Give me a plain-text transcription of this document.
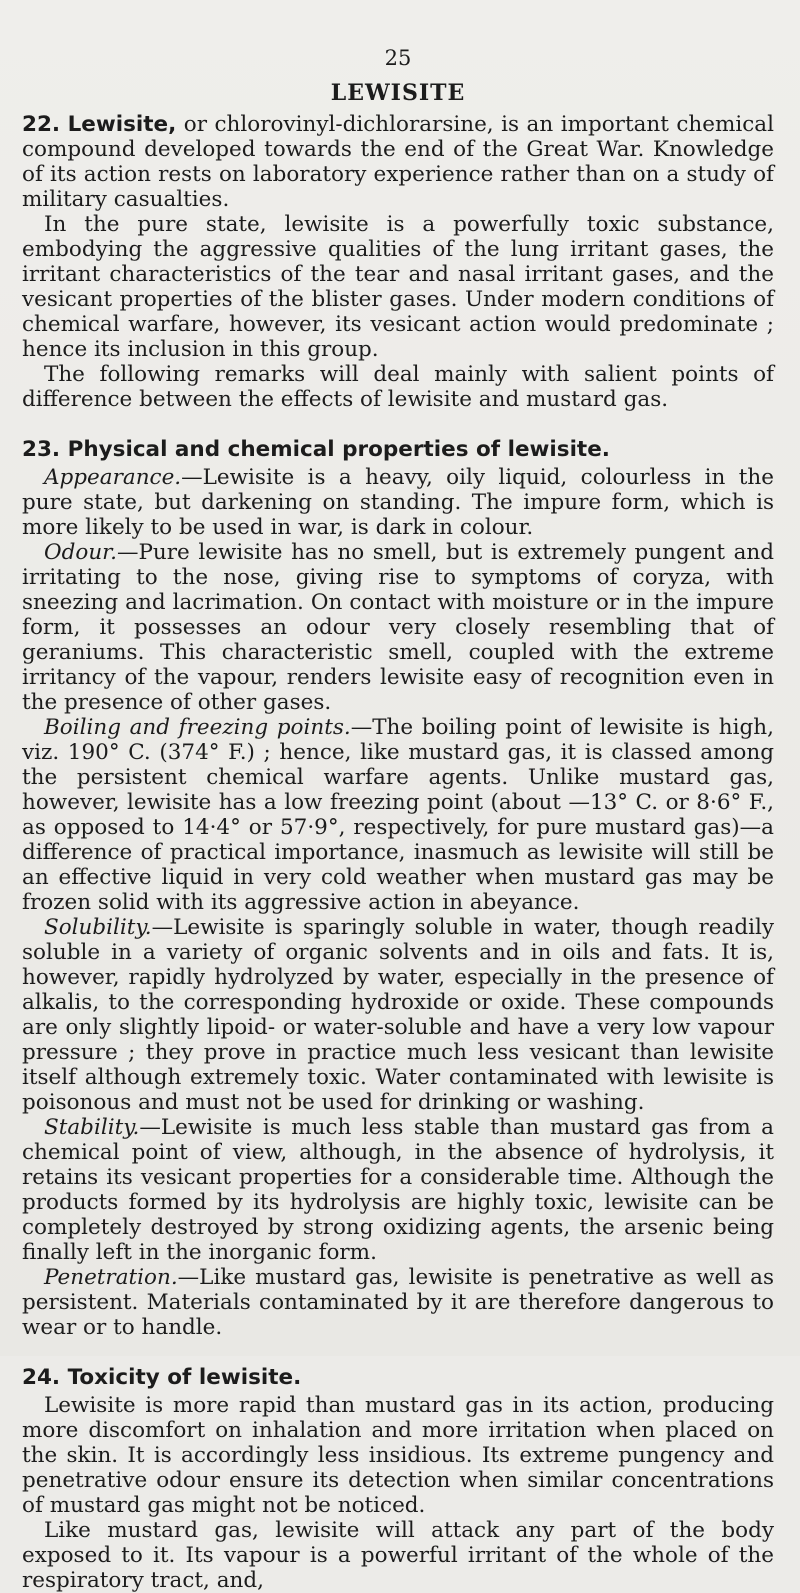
25
LEWISITE

22. Lewisite, or chlorovinyl-dichlorarsine, is an important chemical compound developed towards the end of the Great War. Knowledge of its action rests on laboratory experience rather than on a study of military casualties.

In the pure state, lewisite is a powerfully toxic substance, embodying the aggressive qualities of the lung irritant gases, the irritant characteristics of the tear and nasal irritant gases, and the vesicant properties of the blister gases. Under modern conditions of chemical warfare, however, its vesicant action would predominate ; hence its inclusion in this group.

The following remarks will deal mainly with salient points of difference between the effects of lewisite and mustard gas.

23. Physical and chemical properties of lewisite.

Appearance.—Lewisite is a heavy, oily liquid, colourless in the pure state, but darkening on standing. The impure form, which is more likely to be used in war, is dark in colour.

Odour.—Pure lewisite has no smell, but is extremely pungent and irritating to the nose, giving rise to symptoms of coryza, with sneezing and lacrimation. On contact with moisture or in the impure form, it possesses an odour very closely resembling that of geraniums. This characteristic smell, coupled with the extreme irritancy of the vapour, renders lewisite easy of recognition even in the presence of other gases.

Boiling and freezing points.—The boiling point of lewisite is high, viz. 190° C. (374° F.) ; hence, like mustard gas, it is classed among the persistent chemical warfare agents. Unlike mustard gas, however, lewisite has a low freezing point (about —13° C. or 8·6° F., as opposed to 14·4° or 57·9°, respectively, for pure mustard gas)—a difference of practical importance, inasmuch as lewisite will still be an effective liquid in very cold weather when mustard gas may be frozen solid with its aggressive action in abeyance.

Solubility.—Lewisite is sparingly soluble in water, though readily soluble in a variety of organic solvents and in oils and fats. It is, however, rapidly hydrolyzed by water, especially in the presence of alkalis, to the corresponding hydroxide or oxide. These compounds are only slightly lipoid- or water-soluble and have a very low vapour pressure ; they prove in practice much less vesicant than lewisite itself although extremely toxic. Water contaminated with lewisite is poisonous and must not be used for drinking or washing.

Stability.—Lewisite is much less stable than mustard gas from a chemical point of view, although, in the absence of hydrolysis, it retains its vesicant properties for a considerable time. Although the products formed by its hydrolysis are highly toxic, lewisite can be completely destroyed by strong oxidizing agents, the arsenic being finally left in the inorganic form.

Penetration.—Like mustard gas, lewisite is penetrative as well as persistent. Materials contaminated by it are therefore dangerous to wear or to handle.

24. Toxicity of lewisite.

Lewisite is more rapid than mustard gas in its action, producing more discomfort on inhalation and more irritation when placed on the skin. It is accordingly less insidious. Its extreme pungency and penetrative odour ensure its detection when similar concentrations of mustard gas might not be noticed.

Like mustard gas, lewisite will attack any part of the body exposed to it. Its vapour is a powerful irritant of the whole of the respiratory tract, and,
